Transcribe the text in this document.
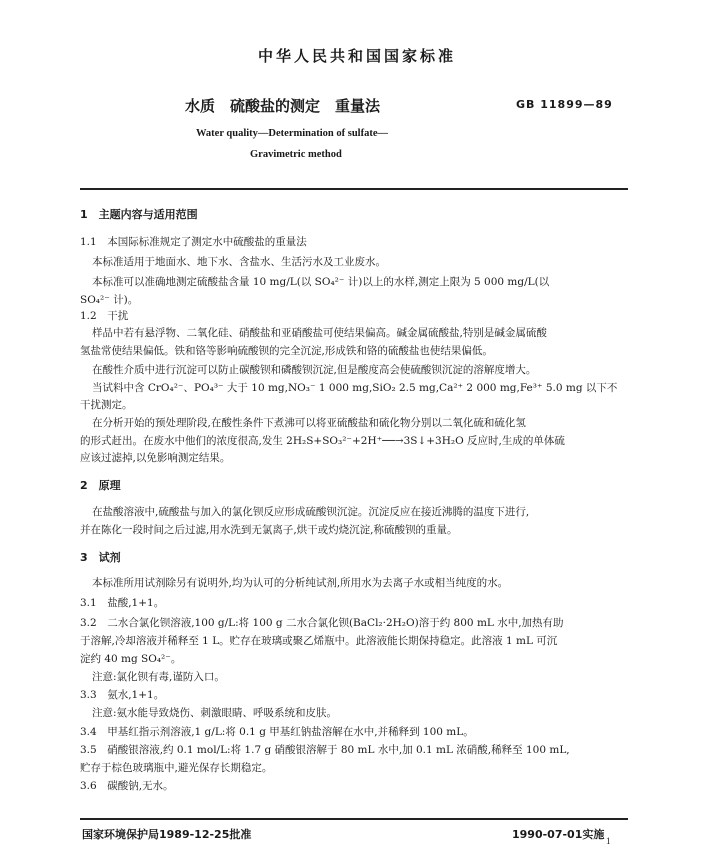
中华人民共和国国家标准
水质　硫酸盐的测定　重量法	GB 11899—89
Water quality—Determination of sulfate—
Gravimetric method
1　主题内容与适用范围
1.1　本国际标准规定了测定水中硫酸盐的重量法
本标准适用于地面水、地下水、含盐水、生活污水及工业废水。
本标准可以准确地测定硫酸盐含量 10 mg/L(以 SO₄²⁻ 计)以上的水样,测定上限为 5 000 mg/L(以
SO₄²⁻ 计)。
1.2　干扰
样品中若有悬浮物、二氧化硅、硝酸盐和亚硝酸盐可使结果偏高。碱金属硫酸盐,特别是碱金属硫酸
氢盐常使结果偏低。铁和铬等影响硫酸钡的完全沉淀,形成铁和铬的硫酸盐也使结果偏低。
在酸性介质中进行沉淀可以防止碳酸钡和磷酸钡沉淀,但是酸度高会使硫酸钡沉淀的溶解度增大。
当试料中含 CrO₄²⁻、PO₄³⁻ 大于 10 mg,NO₃⁻ 1 000 mg,SiO₂ 2.5 mg,Ca²⁺ 2 000 mg,Fe³⁺ 5.0 mg 以下不
干扰测定。
在分析开始的预处理阶段,在酸性条件下煮沸可以将亚硫酸盐和硫化物分别以二氧化硫和硫化氢
的形式赶出。在废水中他们的浓度很高,发生 2H₂S+SO₃²⁻+2H⁺──→3S↓+3H₂O 反应时,生成的单体硫
应该过滤掉,以免影响测定结果。
2　原理
在盐酸溶液中,硫酸盐与加入的氯化钡反应形成硫酸钡沉淀。沉淀反应在接近沸腾的温度下进行,
并在陈化一段时间之后过滤,用水洗到无氯离子,烘干或灼烧沉淀,称硫酸钡的重量。
3　试剂
本标准所用试剂除另有说明外,均为认可的分析纯试剂,所用水为去离子水或相当纯度的水。
3.1　盐酸,1+1。
3.2　二水合氯化钡溶液,100 g/L:将 100 g 二水合氯化钡(BaCl₂·2H₂O)溶于约 800 mL 水中,加热有助
于溶解,冷却溶液并稀释至 1 L。贮存在玻璃或聚乙烯瓶中。此溶液能长期保持稳定。此溶液 1 mL 可沉
淀约 40 mg SO₄²⁻。
注意:氯化钡有毒,谨防入口。
3.3　氨水,1+1。
注意:氨水能导致烧伤、刺激眼睛、呼吸系统和皮肤。
3.4　甲基红指示剂溶液,1 g/L:将 0.1 g 甲基红钠盐溶解在水中,并稀释到 100 mL。
3.5　硝酸银溶液,约 0.1 mol/L:将 1.7 g 硝酸银溶解于 80 mL 水中,加 0.1 mL 浓硝酸,稀释至 100 mL,
贮存于棕色玻璃瓶中,避光保存长期稳定。
3.6　碳酸钠,无水。
国家环境保护局1989-12-25批准	1990-07-01实施 1
